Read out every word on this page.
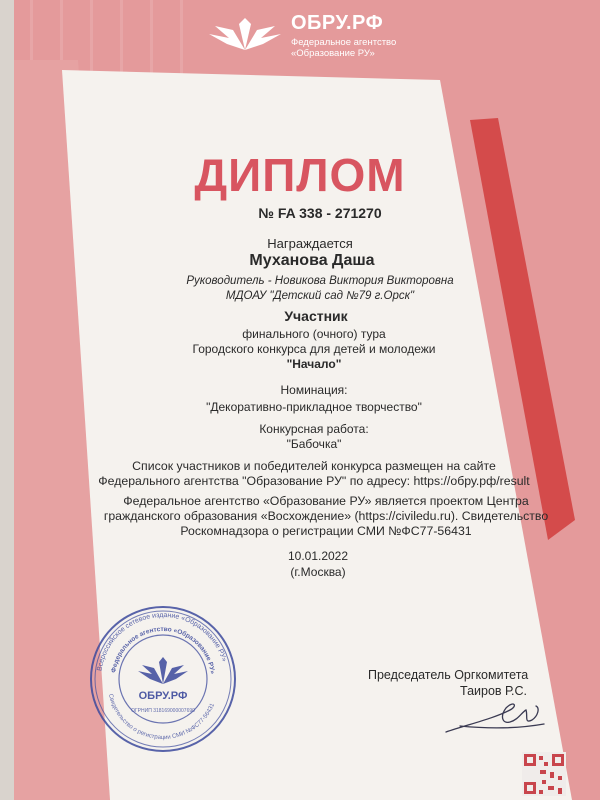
ОБРУ.РФ
Федеральное агентство
«Образование РУ»
ДИПЛОМ
№ FA 338 - 271270
Награждается
Муханова Даша
Руководитель - Новикова Виктория Викторовна
МДОАУ "Детский сад №79 г.Орск"
Участник
финального (очного) тура
Городского конкурса для детей и молодежи
"Начало"
Номинация:
"Декоративно-прикладное творчество"
Конкурсная работа:
"Бабочка"
Список участников и победителей конкурса размещен на сайте
Федерального агентства "Образование РУ" по адресу: https://обру.рф/result
Федеральное агентство «Образование РУ» является проектом Центра
гражданского образования «Восхождение» (https://civiledu.ru). Свидетельство
Роскомнадзора о регистрации СМИ №ФС77-56431
10.01.2022
(г.Москва)
Всероссийское сетевое издание «Образование РУ»
Федеральное агентство «Образование РУ»
Свидетельство о регистрации СМИ №ФС77-56431
ОБРУ.РФ
ОГРНИП 318169000007690
Председатель Оргкомитета
Таиров Р.С.
